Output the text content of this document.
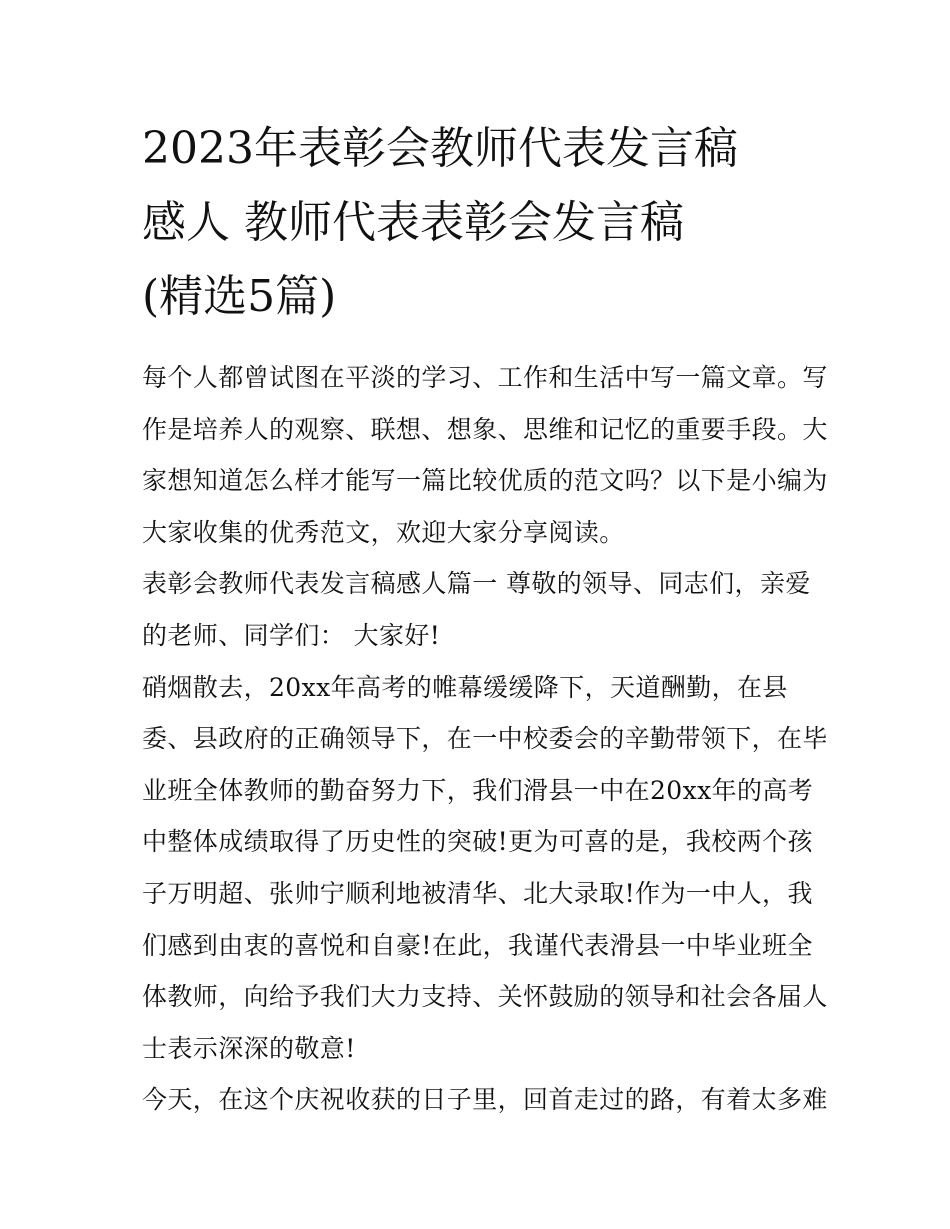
2023年表彰会教师代表发言稿
感人 教师代表表彰会发言稿
(精选5篇)
每个人都曾试图在平淡的学习、工作和生活中写一篇文章。写
作是培养人的观察、联想、想象、思维和记忆的重要手段。大
家想知道怎么样才能写一篇比较优质的范文吗？以下是小编为
大家收集的优秀范文，欢迎大家分享阅读。
表彰会教师代表发言稿感人篇一 尊敬的领导、同志们，亲爱
的老师、同学们： 大家好!
硝烟散去，20xx年高考的帷幕缓缓降下，天道酬勤，在县
委、县政府的正确领导下，在一中校委会的辛勤带领下，在毕
业班全体教师的勤奋努力下，我们滑县一中在20xx年的高考
中整体成绩取得了历史性的突破!更为可喜的是，我校两个孩
子万明超、张帅宁顺利地被清华、北大录取!作为一中人，我
们感到由衷的喜悦和自豪!在此，我谨代表滑县一中毕业班全
体教师，向给予我们大力支持、关怀鼓励的领导和社会各届人
士表示深深的敬意!
今天，在这个庆祝收获的日子里，回首走过的路，有着太多难
